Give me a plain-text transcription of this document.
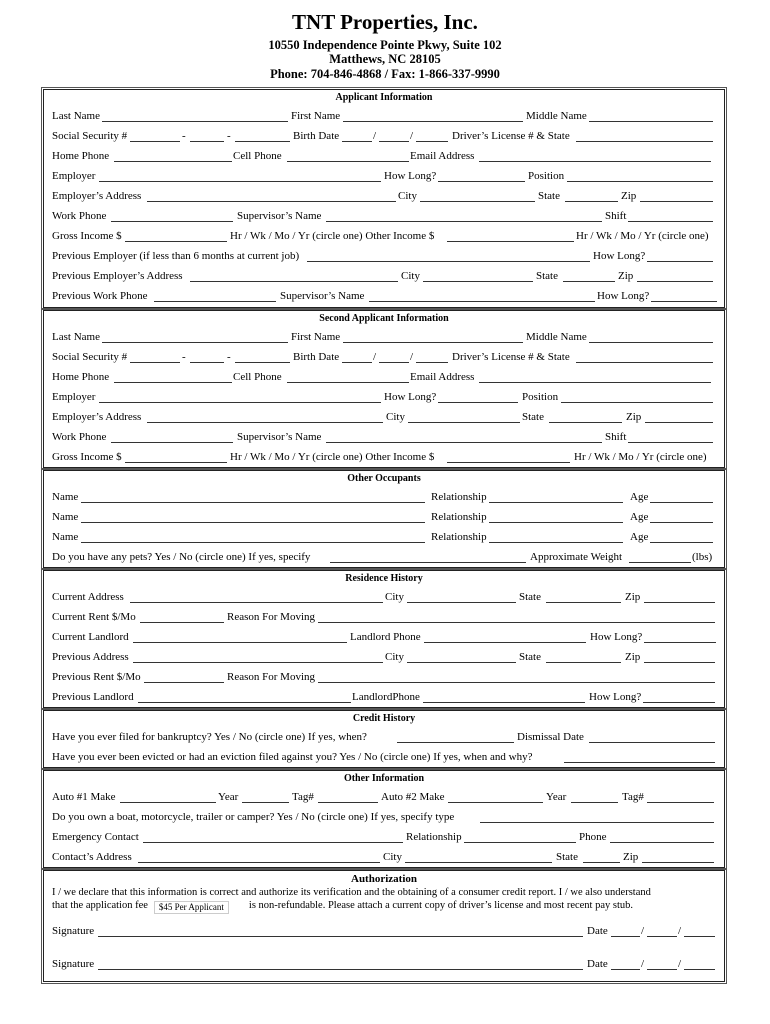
TNT Properties, Inc.
10550 Independence Pointe Pkwy, Suite 102
Matthews, NC 28105
Phone: 704-846-4868 / Fax: 1-866-337-9990
Applicant Information
Last Name	First Name	Middle Name
Social Security #	-	-	Birth Date	/	/	Driver’s License # & State
Home Phone	Cell Phone	Email Address
Employer	How Long?	Position
Employer’s Address	City	State	Zip
Work Phone	Supervisor’s Name	Shift
Gross Income $	Hr / Wk / Mo / Yr (circle one) Other Income $	Hr / Wk / Mo / Yr (circle one)
Previous Employer (if less than 6 months at current job)	How Long?
Previous Employer’s Address	City	State	Zip
Previous Work Phone	Supervisor’s Name	How Long?
Second Applicant Information
Last Name	First Name	Middle Name
Social Security #	-	-	Birth Date	/	/	Driver’s License # & State
Home Phone	Cell Phone	Email Address
Employer	How Long?	Position
Employer’s Address	City	State	Zip
Work Phone	Supervisor’s Name	Shift
Gross Income $	Hr / Wk / Mo / Yr (circle one) Other Income $	Hr / Wk / Mo / Yr (circle one)
Other Occupants
Name	Relationship	Age
Name	Relationship	Age
Name	Relationship	Age
Do you have any pets? Yes / No (circle one) If yes, specify	Approximate Weight	(lbs)
Residence History
Current Address	City	State	Zip
Current Rent $/Mo	Reason For Moving
Current Landlord	Landlord Phone	How Long?
Previous Address	City	State	Zip
Previous Rent $/Mo	Reason For Moving
Previous Landlord	LandlordPhone	How Long?
Credit History
Have you ever filed for bankruptcy? Yes / No (circle one) If yes, when?	Dismissal Date
Have you ever been evicted or had an eviction filed against you? Yes / No (circle one) If yes, when and why?
Other Information
Auto #1 Make	Year	Tag#	Auto #2 Make	Year	Tag#
Do you own a boat, motorcycle, trailer or camper? Yes / No (circle one) If yes, specify type
Emergency Contact	Relationship	Phone
Contact’s Address	City	State	Zip
Authorization
I / we declare that this information is correct and authorize its verification and the obtaining of a consumer credit report. I / we also understand
that the application fee $45 Per Applicant is non-refundable. Please attach a current copy of driver’s license and most recent pay stub.
Signature	Date	/	/
Signature	Date	/	/
